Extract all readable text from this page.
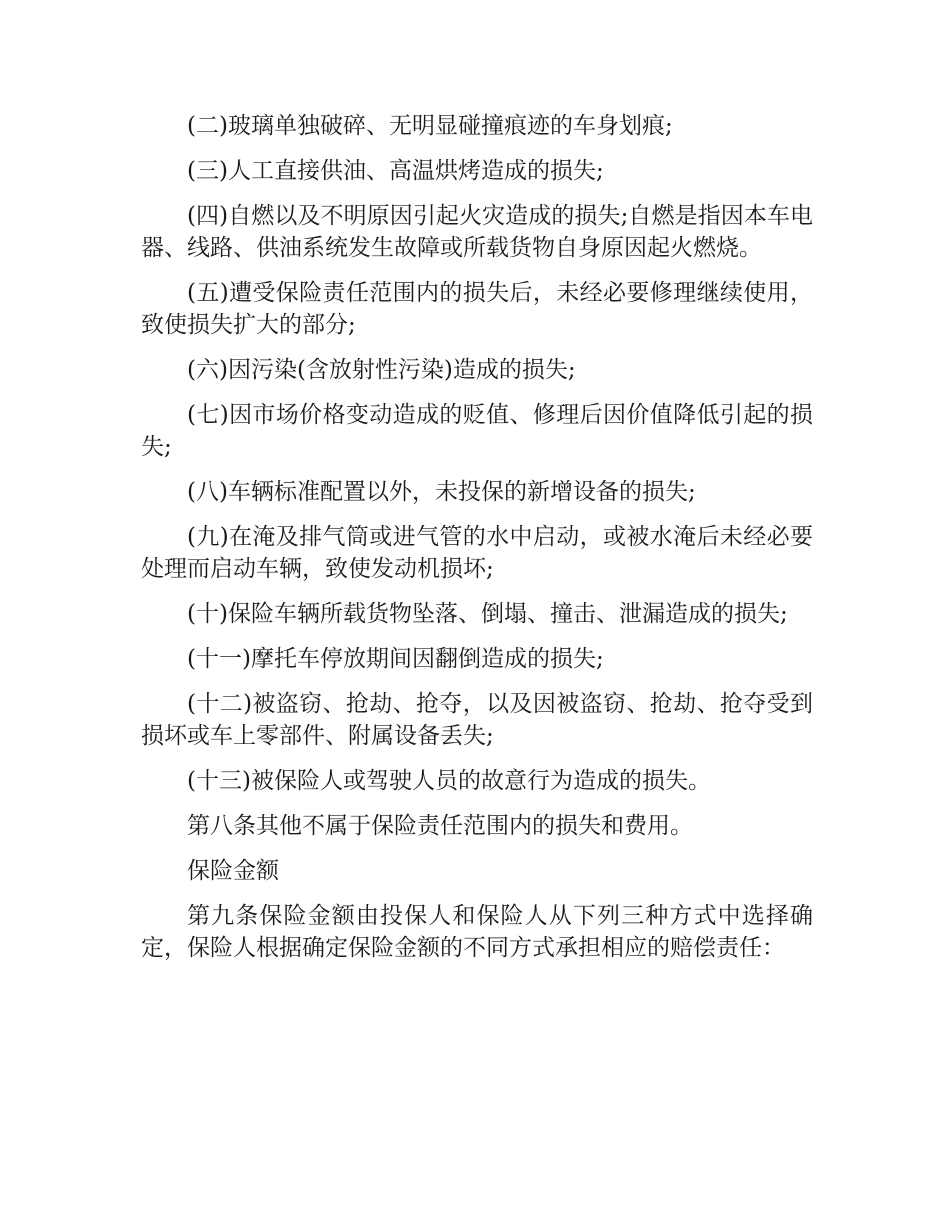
(二)玻璃单独破碎、无明显碰撞痕迹的车身划痕;

(三)人工直接供油、高温烘烤造成的损失;

(四)自燃以及不明原因引起火灾造成的损失;自燃是指因本车电器、线路、供油系统发生故障或所载货物自身原因起火燃烧。

(五)遭受保险责任范围内的损失后，未经必要修理继续使用，致使损失扩大的部分;

(六)因污染(含放射性污染)造成的损失;

(七)因市场价格变动造成的贬值、修理后因价值降低引起的损失;

(八)车辆标准配置以外，未投保的新增设备的损失;

(九)在淹及排气筒或进气管的水中启动，或被水淹后未经必要处理而启动车辆，致使发动机损坏;

(十)保险车辆所载货物坠落、倒塌、撞击、泄漏造成的损失;

(十一)摩托车停放期间因翻倒造成的损失;

(十二)被盗窃、抢劫、抢夺，以及因被盗窃、抢劫、抢夺受到损坏或车上零部件、附属设备丢失;

(十三)被保险人或驾驶人员的故意行为造成的损失。

第八条其他不属于保险责任范围内的损失和费用。

保险金额

第九条保险金额由投保人和保险人从下列三种方式中选择确定，保险人根据确定保险金额的不同方式承担相应的赔偿责任：
